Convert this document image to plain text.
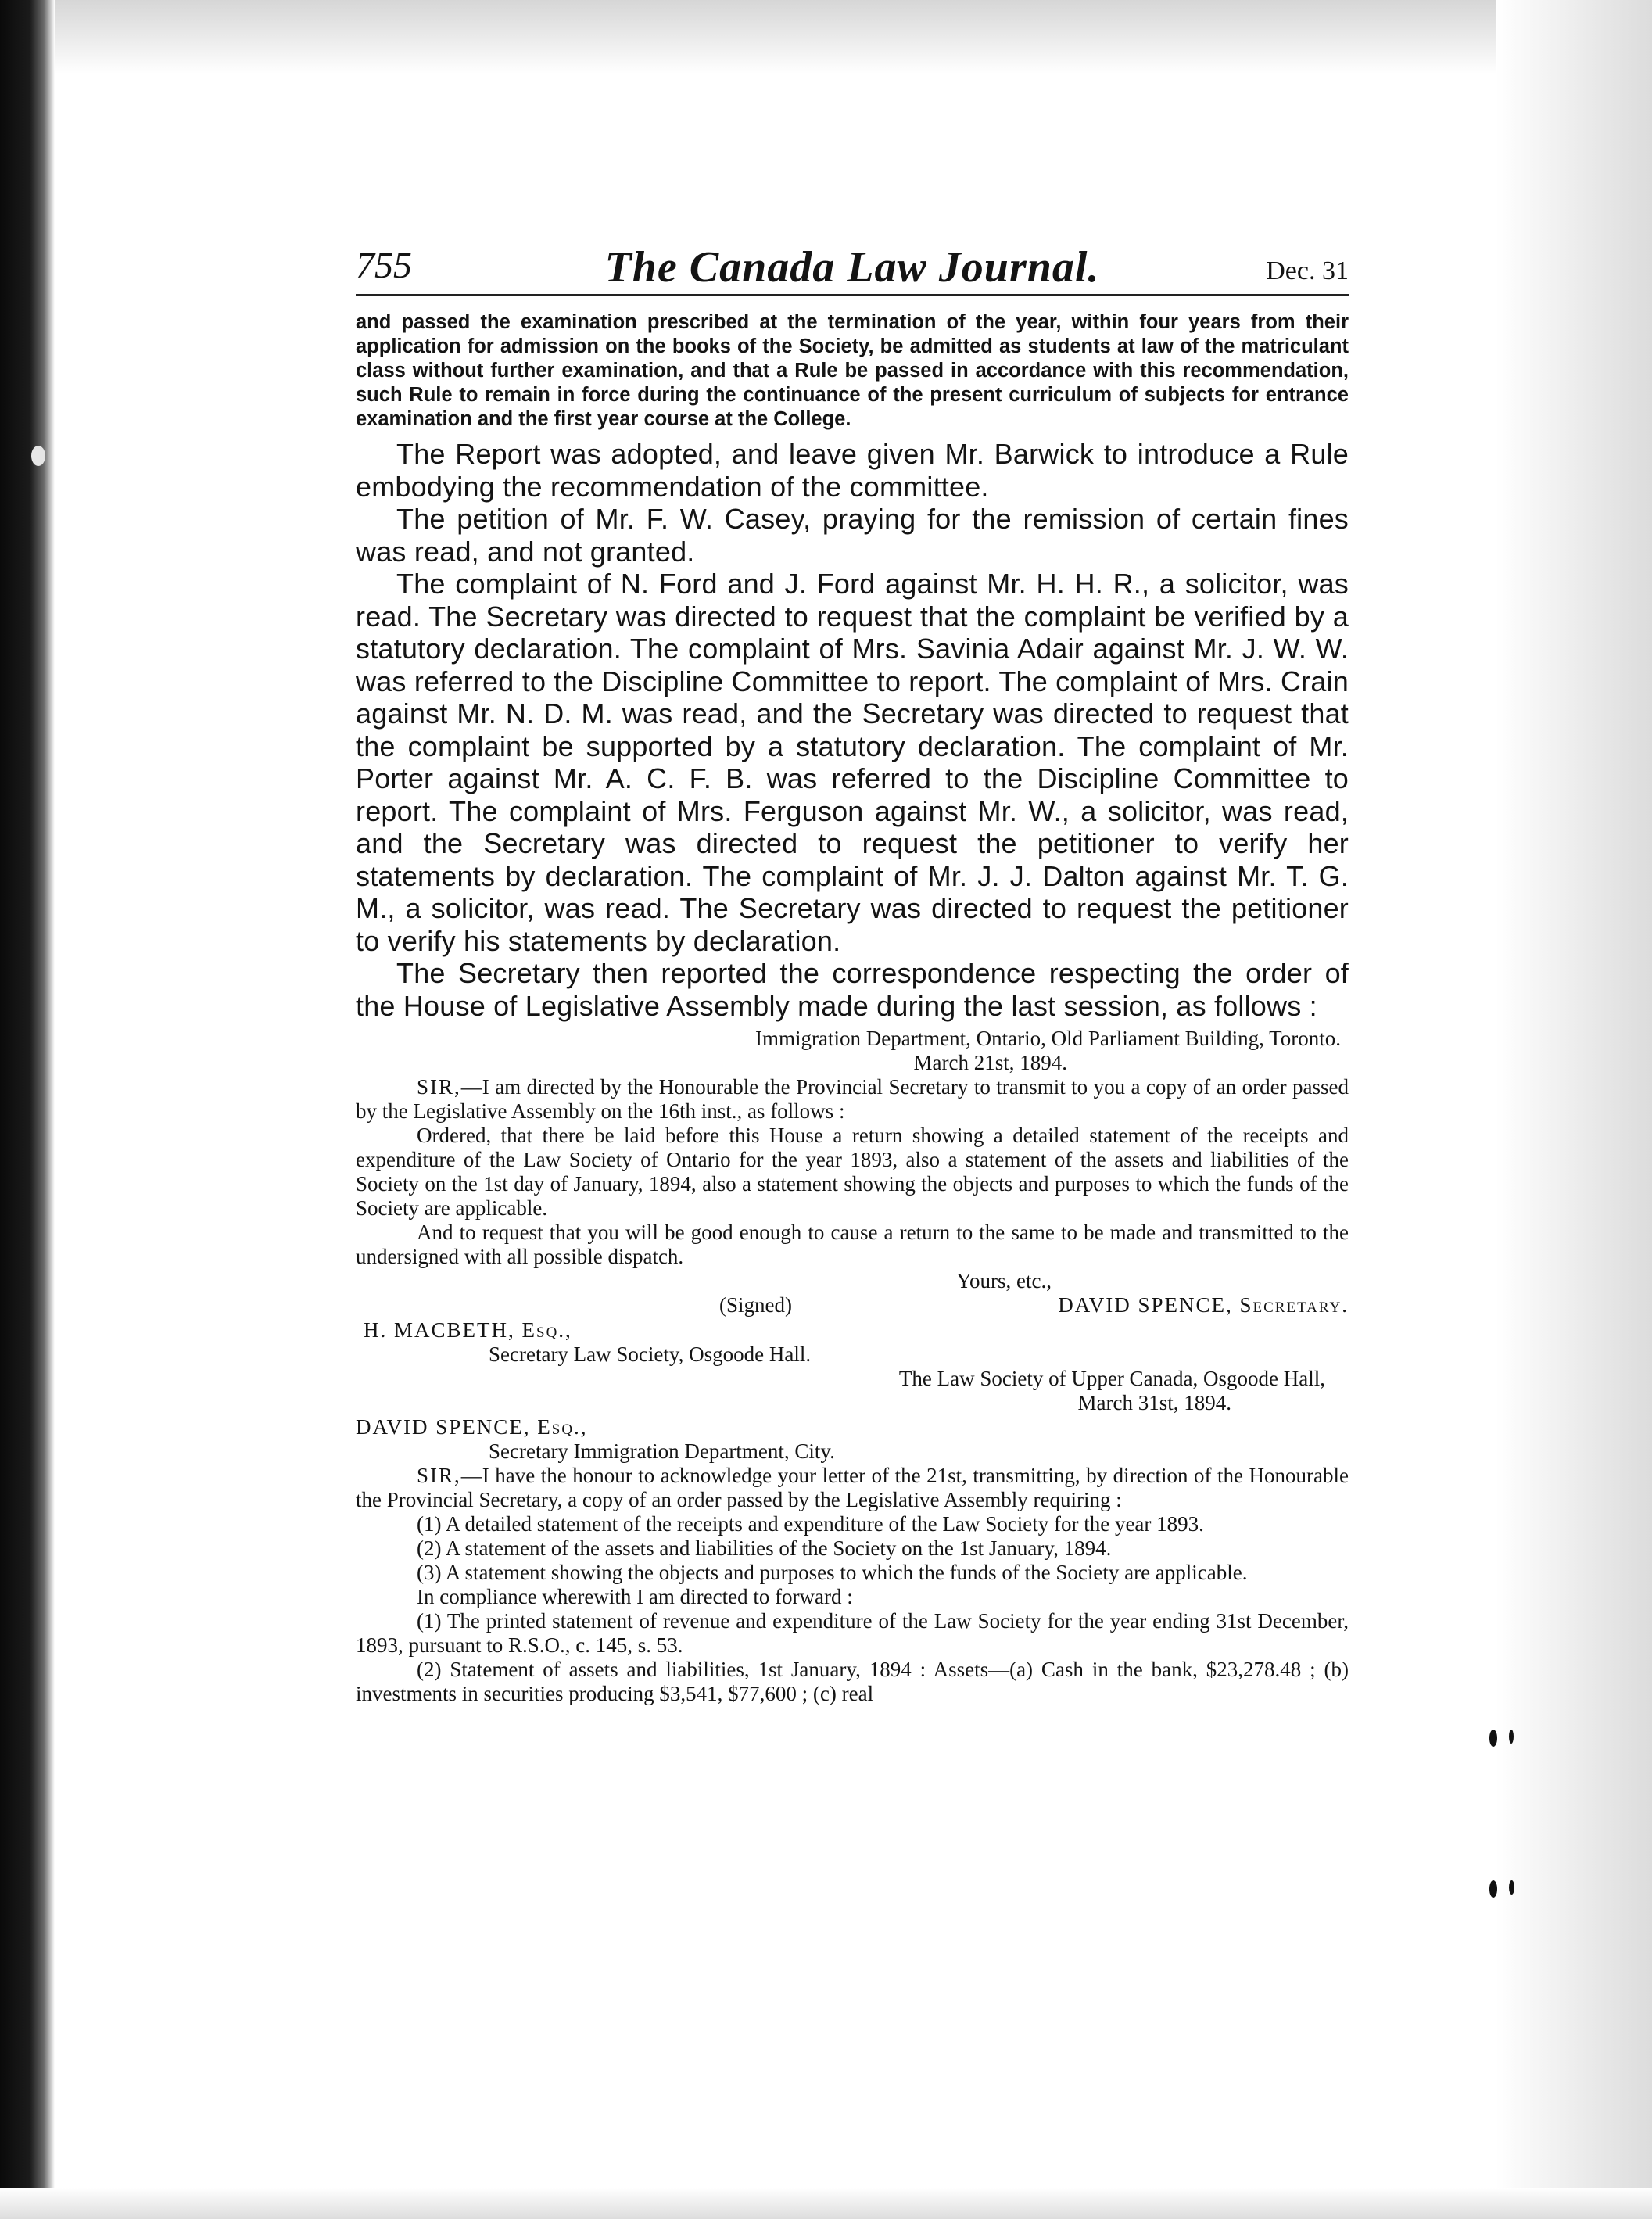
755	The Canada Law Journal.	Dec. 31

and passed the examination prescribed at the termination of the year, within four years from their application for admission on the books of the Society, be admitted as students at law of the matriculant class without further examination, and that a Rule be passed in accordance with this recommendation, such Rule to remain in force during the continuance of the present curriculum of subjects for entrance examination and the first year course at the College.

The Report was adopted, and leave given Mr. Barwick to introduce a Rule embodying the recommendation of the committee.

The petition of Mr. F. W. Casey, praying for the remission of certain fines was read, and not granted.

The complaint of N. Ford and J. Ford against Mr. H. H. R., a solicitor, was read. The Secretary was directed to request that the complaint be verified by a statutory declaration. The complaint of Mrs. Savinia Adair against Mr. J. W. W. was referred to the Discipline Committee to report. The complaint of Mrs. Crain against Mr. N. D. M. was read, and the Secretary was directed to request that the complaint be supported by a statutory declaration. The complaint of Mr. Porter against Mr. A. C. F. B. was referred to the Discipline Committee to report. The complaint of Mrs. Ferguson against Mr. W., a solicitor, was read, and the Secretary was directed to request the petitioner to verify her statements by declaration. The complaint of Mr. J. J. Dalton against Mr. T. G. M., a solicitor, was read. The Secretary was directed to request the petitioner to verify his statements by declaration.

The Secretary then reported the correspondence respecting the order of the House of Legislative Assembly made during the last session, as follows :

Immigration Department, Ontario, Old Parliament Building, Toronto.

March 21st, 1894.

SIR,—I am directed by the Honourable the Provincial Secretary to transmit to you a copy of an order passed by the Legislative Assembly on the 16th inst., as follows :

Ordered, that there be laid before this House a return showing a detailed statement of the receipts and expenditure of the Law Society of Ontario for the year 1893, also a statement of the assets and liabilities of the Society on the 1st day of January, 1894, also a statement showing the objects and purposes to which the funds of the Society are applicable.

And to request that you will be good enough to cause a return to the same to be made and transmitted to the undersigned with all possible dispatch.

Yours, etc.,

(Signed)	DAVID SPENCE, Secretary.

H. MACBETH, Esq.,

Secretary Law Society, Osgoode Hall.

The Law Society of Upper Canada, Osgoode Hall,

March 31st, 1894.

DAVID SPENCE, Esq.,

Secretary Immigration Department, City.

SIR,—I have the honour to acknowledge your letter of the 21st, transmitting, by direction of the Honourable the Provincial Secretary, a copy of an order passed by the Legislative Assembly requiring :

(1) A detailed statement of the receipts and expenditure of the Law Society for the year 1893.

(2) A statement of the assets and liabilities of the Society on the 1st January, 1894.

(3) A statement showing the objects and purposes to which the funds of the Society are applicable.

In compliance wherewith I am directed to forward :

(1) The printed statement of revenue and expenditure of the Law Society for the year ending 31st December, 1893, pursuant to R.S.O., c. 145, s. 53.

(2) Statement of assets and liabilities, 1st January, 1894 : Assets—(a) Cash in the bank, $23,278.48 ; (b) investments in securities producing $3,541, $77,600 ; (c) real
